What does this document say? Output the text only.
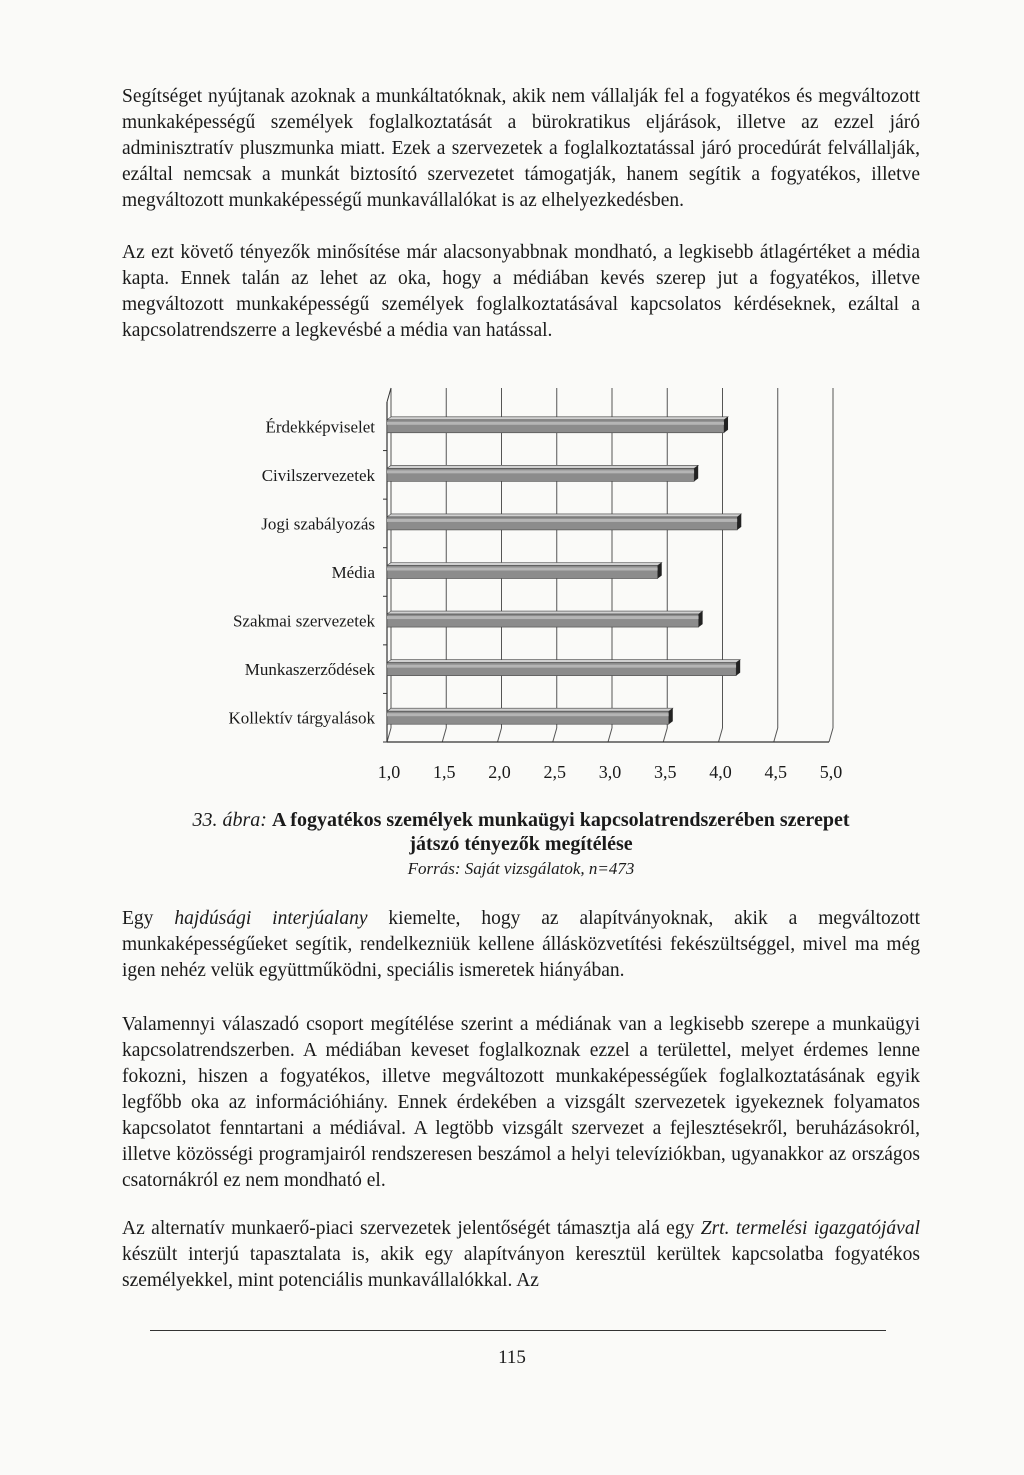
Segítséget nyújtanak azoknak a munkáltatóknak, akik nem vállalják fel a fogyatékos és megváltozott munkaképességű személyek foglalkoztatását a bürokratikus eljárások, illetve az ezzel járó adminisztratív pluszmunka miatt. Ezek a szervezetek a foglalkoztatással járó procedúrát felvállalják, ezáltal nemcsak a munkát biztosító szervezetet támogatják, hanem segítik a fogyatékos, illetve megváltozott munkaképességű munkavállalókat is az elhelyezkedésben.

Az ezt követő tényezők minősítése már alacsonyabbnak mondható, a legkisebb átlagértéket a média kapta. Ennek talán az lehet az oka, hogy a médiában kevés szerep jut a fogyatékos, illetve megváltozott munkaképességű személyek foglalkoztatásával kapcsolatos kérdéseknek, ezáltal a kapcsolatrendszerre a legkevésbé a média van hatással.

1,0 1,5 2,0 2,5 3,0 3,5 4,0 4,5 5,0
Érdekképviselet
Civilszervezetek
Jogi szabályozás
Média
Szakmai szervezetek
Munkaszerződések
Kollektív tárgyalások
33. ábra: A fogyatékos személyek munkaügyi kapcsolatrendszerében szerepet
játszó tényezők megítélése
Forrás: Saját vizsgálatok, n=473

Egy hajdúsági interjúalany kiemelte, hogy az alapítványoknak, akik a megváltozott munkaképességűeket segítik, rendelkezniük kellene állásközvetítési fekészültséggel, mivel ma még igen nehéz velük együttműködni, speciális ismeretek hiányában.

Valamennyi válaszadó csoport megítélése szerint a médiának van a legkisebb szerepe a munkaügyi kapcsolatrendszerben. A médiában keveset foglalkoznak ezzel a területtel, melyet érdemes lenne fokozni, hiszen a fogyatékos, illetve megváltozott munkaképességűek foglalkoztatásának egyik legfőbb oka az információhiány. Ennek érdekében a vizsgált szervezetek igyekeznek folyamatos kapcsolatot fenntartani a médiával. A legtöbb vizsgált szervezet a fejlesztésekről, beruházásokról, illetve közösségi programjairól rendszeresen beszámol a helyi televíziókban, ugyanakkor az országos csatornákról ez nem mondható el.

Az alternatív munkaerő-piaci szervezetek jelentőségét támasztja alá egy Zrt. termelési igazgatójával készült interjú tapasztalata is, akik egy alapítványon keresztül kerültek kapcsolatba fogyatékos személyekkel, mint potenciális munkavállalókkal. Az

115
